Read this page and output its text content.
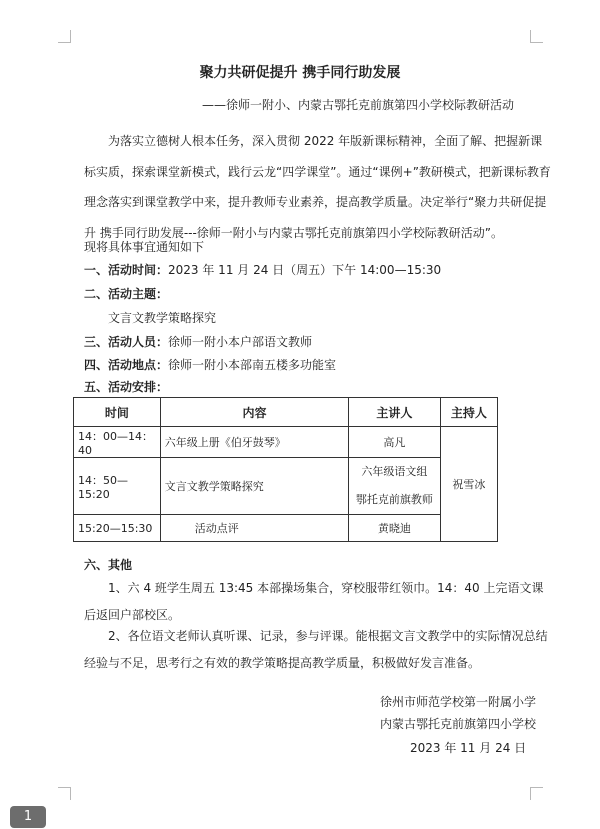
聚力共研促提升 携手同行助发展
——徐师一附小、内蒙古鄂托克前旗第四小学校际教研活动

为落实立德树人根本任务，深入贯彻 2022 年版新课标精神，全面了解、把握新课标实质，探索课堂新模式，践行云龙“四学课堂”。通过“课例+”教研模式，把新课标教育理念落实到课堂教学中来，提升教师专业素养，提高教学质量。决定举行“聚力共研促提升 携手同行助发展---徐师一附小与内蒙古鄂托克前旗第四小学校际教研活动”。

现将具体事宜通知如下
一、活动时间：2023 年 11 月 24 日（周五）下午 14:00—15:30
二、活动主题：
文言文教学策略探究
三、活动人员：徐师一附小本户部语文教师
四、活动地点：徐师一附小本部南五楼多功能室
五、活动安排：
时间	内容	主讲人	主持人
14：00—14：40	六年级上册《伯牙鼓琴》	高凡	祝雪冰
14：50—15:20	文言文教学策略探究	六年级语文组
鄂托克前旗教师	

15:20—15:30	活动点评	黄晓迪	
六、其他

1、六 4 班学生周五 13:45 本部操场集合，穿校服带红领巾。14：40 上完语文课后返回户部校区。

2、各位语文老师认真听课、记录，参与评课。能根据文言文教学中的实际情况总结经验与不足，思考行之有效的教学策略提高教学质量，积极做好发言准备。

徐州市师范学校第一附属小学
内蒙古鄂托克前旗第四小学校
2023 年 11 月 24 日
1
